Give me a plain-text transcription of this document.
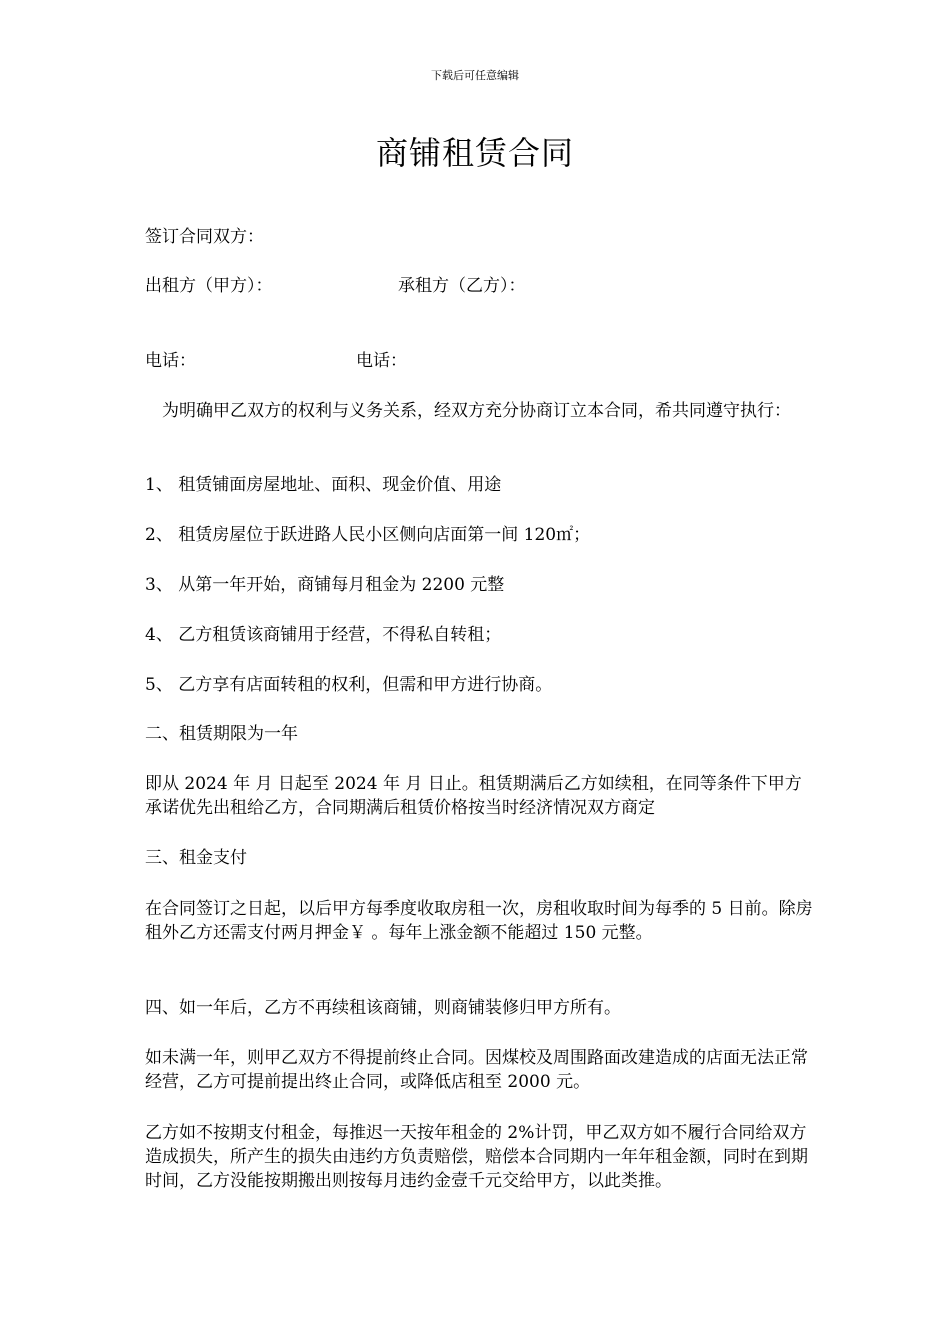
下载后可任意编辑
商铺租赁合同

签订合同双方：

出租方（甲方）：	承租方（乙方）：
电话：	电话：

为明确甲乙双方的权利与义务关系，经双方充分协商订立本合同，希共同遵守执行：

1、 租赁铺面房屋地址、面积、现金价值、用途

2、 租赁房屋位于跃进路人民小区侧向店面第一间 120㎡；

3、 从第一年开始，商铺每月租金为 2200 元整

4、 乙方租赁该商铺用于经营，不得私自转租；

5、 乙方享有店面转租的权利，但需和甲方进行协商。

二、租赁期限为一年

即从 2024 年 月 日起至 2024 年 月 日止。租赁期满后乙方如续租，在同等条件下甲方承诺优先出租给乙方，合同期满后租赁价格按当时经济情况双方商定

三、租金支付

在合同签订之日起，以后甲方每季度收取房租一次，房租收取时间为每季的 5 日前。除房租外乙方还需支付两月押金￥ 。每年上涨金额不能超过 150 元整。

四、如一年后，乙方不再续租该商铺，则商铺装修归甲方所有。

如未满一年，则甲乙双方不得提前终止合同。因煤校及周围路面改建造成的店面无法正常经营，乙方可提前提出终止合同，或降低店租至 2000 元。

乙方如不按期支付租金，每推迟一天按年租金的 2%计罚，甲乙双方如不履行合同给双方造成损失，所产生的损失由违约方负责赔偿，赔偿本合同期内一年年租金额，同时在到期时间，乙方没能按期搬出则按每月违约金壹千元交给甲方，以此类推。
